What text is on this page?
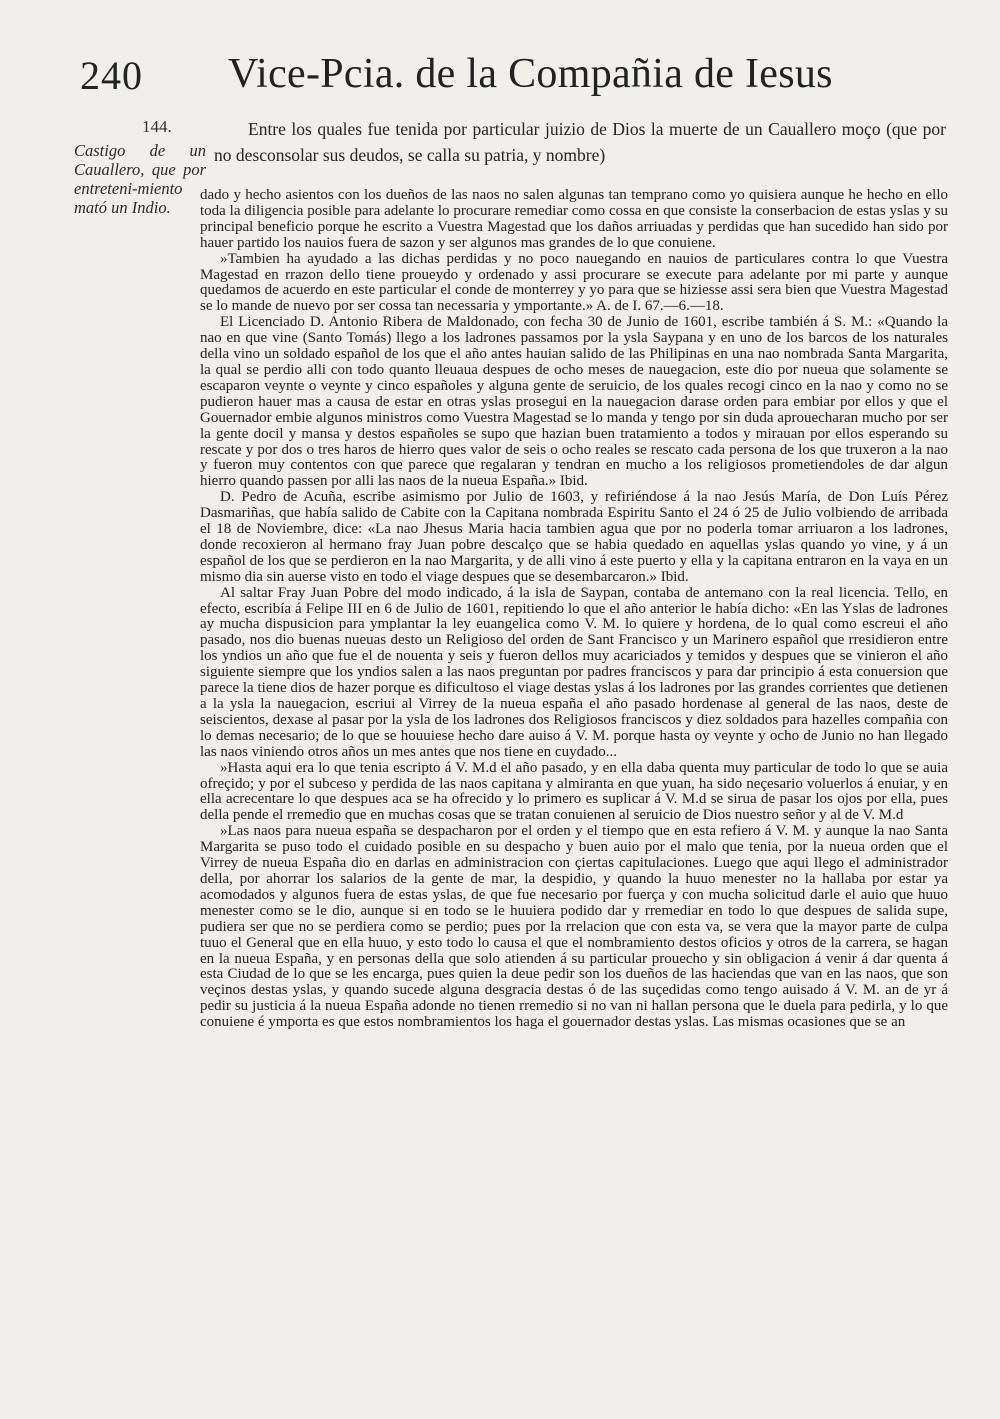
240 Vice-Pcia. de la Compañia de Iesus
144.
Castigo de un Cauallero, que por entreteni-miento mató un Indio.
Entre los quales fue tenida por particular juizio de Dios la muerte de un Cauallero moço (que por no desconsolar sus deudos, se calla su patria, y nombre)

dado y hecho asientos con los dueños de las naos no salen algunas tan temprano como yo quisiera aunque he hecho en ello toda la diligencia posible para adelante lo procurare remediar como cossa en que consiste la conserbacion de estas yslas y su principal beneficio porque he escrito a Vuestra Magestad que los daños arriuadas y perdidas que han sucedido han sido por hauer partido los nauios fuera de sazon y ser algunos mas grandes de lo que conuiene.

»Tambien ha ayudado a las dichas perdidas y no poco nauegando en nauios de particulares contra lo que Vuestra Magestad en rrazon dello tiene proueydo y ordenado y assi procurare se execute para adelante por mi parte y aunque quedamos de acuerdo en este particular el conde de monterrey y yo para que se hiziesse assi sera bien que Vuestra Magestad se lo mande de nuevo por ser cossa tan necessaria y ymportante.» A. de I. 67.—6.—18.

El Licenciado D. Antonio Ribera de Maldonado, con fecha 30 de Junio de 1601, escribe también á S. M.: «Quando la nao en que vine (Santo Tomás) llego a los ladrones passamos por la ysla Saypana y en uno de los barcos de los naturales della vino un soldado español de los que el año antes hauian salido de las Philipinas en una nao nombrada Santa Margarita, la qual se perdio alli con todo quanto lleuaua despues de ocho meses de nauegacion, este dio por nueua que solamente se escaparon veynte o veynte y cinco españoles y alguna gente de seruicio, de los quales recogi cinco en la nao y como no se pudieron hauer mas a causa de estar en otras yslas prosegui en la nauegacion darase orden para embiar por ellos y que el Gouernador embie algunos ministros como Vuestra Magestad se lo manda y tengo por sin duda aprouecharan mucho por ser la gente docil y mansa y destos españoles se supo que hazian buen tratamiento a todos y mirauan por ellos esperando su rescate y por dos o tres haros de hierro ques valor de seis o ocho reales se rescato cada persona de los que truxeron a la nao y fueron muy contentos con que parece que regalaran y tendran en mucho a los religiosos prometiendoles de dar algun hierro quando passen por alli las naos de la nueua España.» Ibid.

D. Pedro de Acuña, escribe asimismo por Julio de 1603, y refiriéndose á la nao Jesús María, de Don Luís Pérez Dasmariñas, que había salido de Cabite con la Capitana nombrada Espiritu Santo el 24 ó 25 de Julio volbiendo de arribada el 18 de Noviembre, dice: «La nao Jhesus Maria hacia tambien agua que por no poderla tomar arriuaron a los ladrones, donde recoxieron al hermano fray Juan pobre descalço que se habia quedado en aquellas yslas quando yo vine, y á un español de los que se perdieron en la nao Margarita, y de alli vino á este puerto y ella y la capitana entraron en la vaya en un mismo dia sin auerse visto en todo el viage despues que se desembarcaron.» Ibid.

Al saltar Fray Juan Pobre del modo indicado, á la isla de Saypan, contaba de antemano con la real licencia. Tello, en efecto, escribía á Felipe III en 6 de Julio de 1601, repitiendo lo que el año anterior le había dicho: «En las Yslas de ladrones ay mucha dispusicion para ymplantar la ley euangelica como V. M. lo quiere y hordena, de lo qual como escreui el año pasado, nos dio buenas nueuas desto un Religioso del orden de Sant Francisco y un Marinero español que rresidieron entre los yndios un año que fue el de nouenta y seis y fueron dellos muy acariciados y temidos y despues que se vinieron el año siguiente siempre que los yndios salen a las naos preguntan por padres franciscos y para dar principio á esta conuersion que parece la tiene dios de hazer porque es dificultoso el viage destas yslas á los ladrones por las grandes corrientes que detienen a la ysla la nauegacion, escriui al Virrey de la nueua españa el año pasado hordenase al general de las naos, deste de seiscientos, dexase al pasar por la ysla de los ladrones dos Religiosos franciscos y diez soldados para hazelles compañia con lo demas necesario; de lo que se houuiese hecho dare auiso á V. M. porque hasta oy veynte y ocho de Junio no han llegado las naos viniendo otros años un mes antes que nos tiene en cuydado...

»Hasta aqui era lo que tenia escripto á V. M.d el año pasado, y en ella daba quenta muy particular de todo lo que se auia ofreçido; y por el subceso y perdida de las naos capitana y almiranta en que yuan, ha sido neçesario voluerlos á enuiar, y en ella acrecentare lo que despues aca se ha ofrecido y lo primero es suplicar á V. M.d se sirua de pasar los ojos por ella, pues della pende el rremedio que en muchas cosas que se tratan conuienen al seruicio de Dios nuestro señor y al de V. M.d

»Las naos para nueua españa se despacharon por el orden y el tiempo que en esta refiero á V. M. y aunque la nao Santa Margarita se puso todo el cuidado posible en su despacho y buen auio por el malo que tenia, por la nueua orden que el Virrey de nueua España dio en darlas en administracion con çiertas capitulaciones. Luego que aqui llego el administrador della, por ahorrar los salarios de la gente de mar, la despidio, y quando la huuo menester no la hallaba por estar ya acomodados y algunos fuera de estas yslas, de que fue necesario por fuerça y con mucha solicitud darle el auio que huuo menester como se le dio, aunque si en todo se le huuiera podido dar y rremediar en todo lo que despues de salida supe, pudiera ser que no se perdiera como se perdio; pues por la rrelacion que con esta va, se vera que la mayor parte de culpa tuuo el General que en ella huuo, y esto todo lo causa el que el nombramiento destos oficios y otros de la carrera, se hagan en la nueua España, y en personas della que solo atienden á su particular prouecho y sin obligacion á venir á dar quenta á esta Ciudad de lo que se les encarga, pues quien la deue pedir son los dueños de las haciendas que van en las naos, que son veçinos destas yslas, y quando sucede alguna desgracia destas ó de las suçedidas como tengo auisado á V. M. an de yr á pedir su justicia á la nueua España adonde no tienen rremedio si no van ni hallan persona que le duela para pedirla, y lo que conuiene é ymporta es que estos nombramientos los haga el gouernador destas yslas. Las mismas ocasiones que se an
